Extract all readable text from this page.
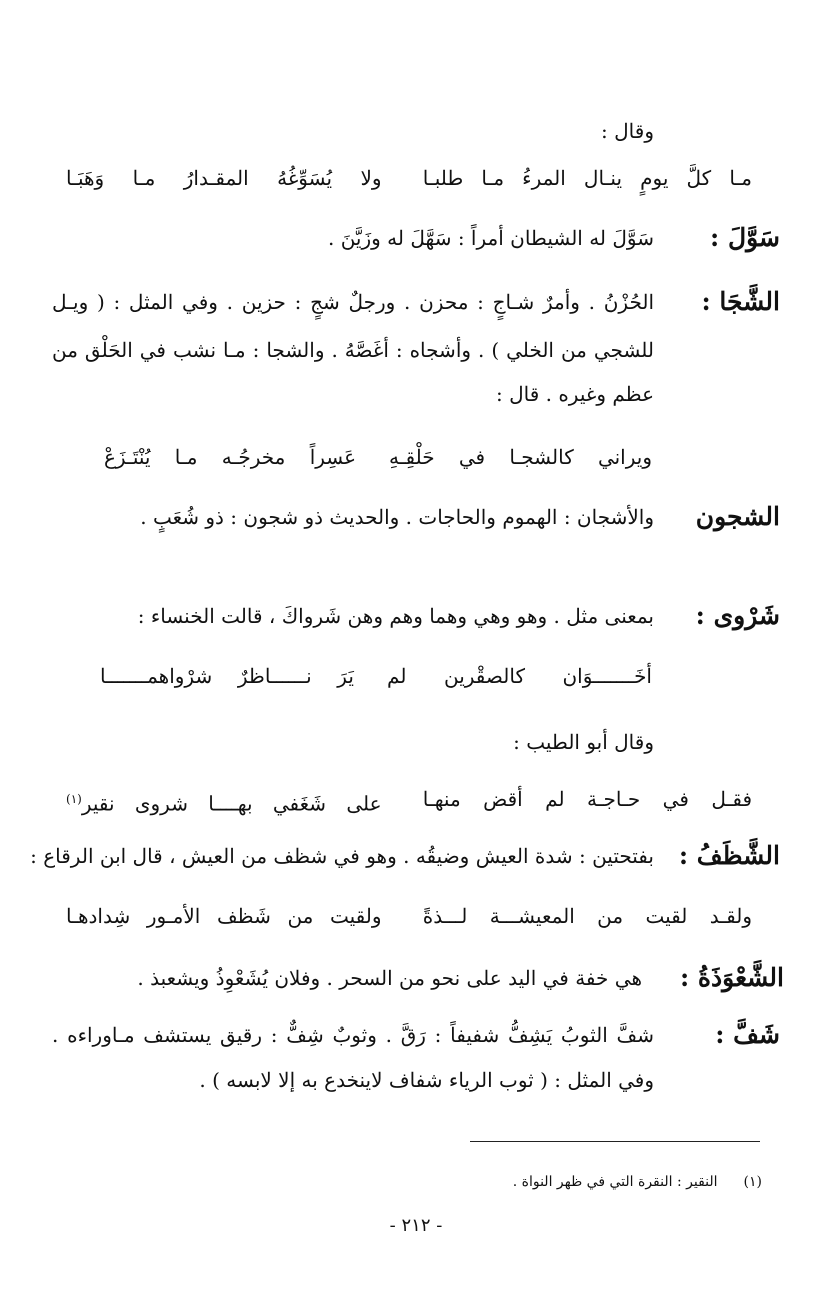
وقال :
مـا كلَّ يومٍ ينـال المرءُ مـا طلبـا
ولا يُسَوِّغُهُ المقـدارُ مـا وَهَبَـا
سَوَّلَ :
سَوَّلَ له الشيطان أمراً : سَهَّلَ له وزَيَّنَ .
الشَّجَا :
الحُزْنُ . وأمرٌ شـاجٍ : محزن . ورجلٌ شجٍ : حزين . وفي المثل : ( ويـل
للشجي من الخلي ) . وأشجاه : أغَصَّهُ . والشجا : مـا نشب في الحَلْق من
عظم وغيره . قال :
ويراني كالشجـا في حَلْقِـهِ
عَسِراً مخرجُـه مـا يُنْتَـزَعْ
الشجون
والأشجان : الهموم والحاجات . والحديث ذو شجون : ذو شُعَبٍ .
شَرْوى :
بمعنى مثل . وهو وهي وهما وهم وهن شَرواكَ ، قالت الخنساء :
أخَـــــــوَان كالصقْرين لم
يَرَ نــــــاظرٌ شرْواهمـــــــا
وقال أبو الطيب :
فقـل في حـاجـة لم أقض منهـا
على شَغَفي بهــــا شروى نقير$^{(١)}$
الشَّظَفُ :
بفتحتين : شدة العيش وضيقُه . وهو في شظف من العيش ، قال ابن الرقاع :
ولقـد لقيت من المعيشـــة لـــذةً
ولقيت من شَظف الأمـور شِدادهـا
الشَّعْوَذَةُ :
هي خفة في اليد على نحو من السحر . وفلان يُشَعْوِذُ ويشعبذ .
شَفَّ :
شفَّ الثوبُ يَشِفُّ شفيفاً : رَقَّ . وثوبٌ شِفٌّ : رقيق يستشف مـاوراءه .
وفي المثل : ( ثوب الرياء شفاف لاينخدع به إلا لابسه ) .
(١) النقير : النقرة التي في ظهر النواة .
- ٢١٢ -
